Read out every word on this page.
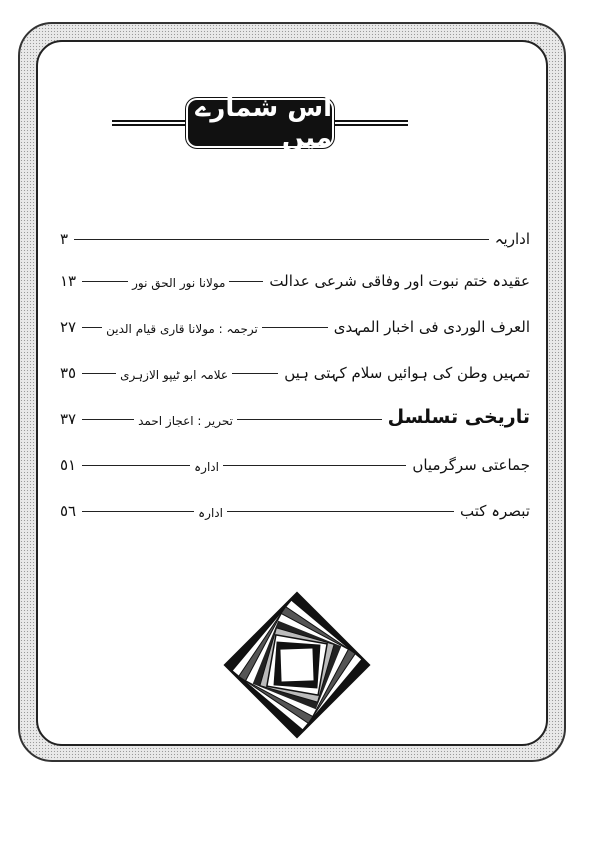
اس شمارے میں
اداریہ
٣
عقیدہ ختم نبوت اور وفاقی شرعی عدالت
مولانا نور الحق نور
١٣
العرف الوردی فی اخبار المہدی
ترجمہ : مولانا قاری قیام الدین
٢٧
تمہیں وطن کی ہوائیں سلام کہتی ہیں
علامہ ابو ٹیپو الازہری
٣٥
تاریخی تسلسل
تحریر : اعجاز احمد
٣٧
جماعتی سرگرمیاں
ادارہ
٥١
تبصرہ کتب
ادارہ
٥٦
